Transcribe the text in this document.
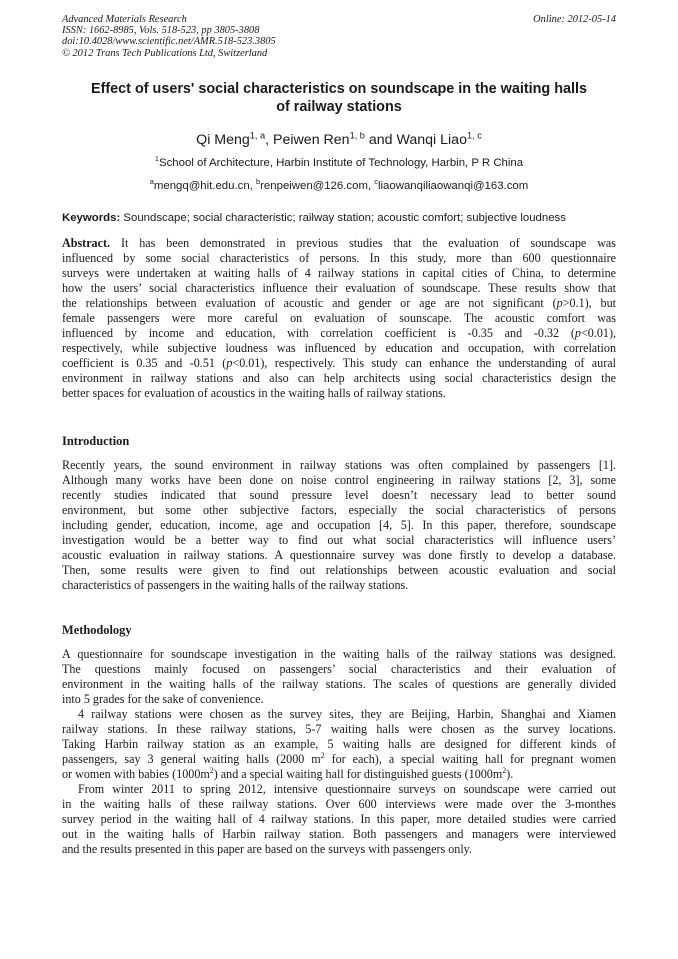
Advanced Materials Research
ISSN: 1662-8985, Vols. 518-523, pp 3805-3808
doi:10.4028/www.scientific.net/AMR.518-523.3805
© 2012 Trans Tech Publications Ltd, Switzerland
Online: 2012-05-14
Effect of users' social characteristics on soundscape in the waiting halls
of railway stations
Qi Meng$^{1, a}$, Peiwen Ren$^{1, b}$ and Wanqi Liao$^{1, c}$
$^1$School of Architecture, Harbin Institute of Technology, Harbin, P R China
$^a$mengq@hit.edu.cn, $^b$renpeiwen@126.com, $^c$liaowanqiliaowanqi@163.com
Keywords: Soundscape; social characteristic; railway station; acoustic comfort; subjective loudness
Abstract. It has been demonstrated in previous studies that the evaluation of soundscape was
influenced by some social characteristics of persons. In this study, more than 600 questionnaire
surveys were undertaken at waiting halls of 4 railway stations in capital cities of China, to determine
how the users’ social characteristics influence their evaluation of soundscape. These results show that
the relationships between evaluation of acoustic and gender or age are not significant (p>0.1), but
female passengers were more careful on evaluation of sounscape. The acoustic comfort was
influenced by income and education, with correlation coefficient is -0.35 and -0.32 (p<0.01),
respectively, while subjective loudness was influenced by education and occupation, with correlation
coefficient is 0.35 and -0.51 (p<0.01), respectively. This study can enhance the understanding of aural
environment in railway stations and also can help architects using social characteristics design the
better spaces for evaluation of acoustics in the waiting halls of railway stations.
Introduction
Recently years, the sound environment in railway stations was often complained by passengers [1].
Although many works have been done on noise control engineering in railway stations [2, 3], some
recently studies indicated that sound pressure level doesn’t necessary lead to better sound
environment, but some other subjective factors, especially the social characteristics of persons
including gender, education, income, age and occupation [4, 5]. In this paper, therefore, soundscape
investigation would be a better way to find out what social characteristics will influence users’
acoustic evaluation in railway stations. A questionnaire survey was done firstly to develop a database.
Then, some results were given to find out relationships between acoustic evaluation and social
characteristics of passengers in the waiting halls of the railway stations.
Methodology
A questionnaire for soundscape investigation in the waiting halls of the railway stations was designed.
The questions mainly focused on passengers’ social characteristics and their evaluation of
environment in the waiting halls of the railway stations. The scales of questions are generally divided
into 5 grades for the sake of convenience.
4 railway stations were chosen as the survey sites, they are Beijing, Harbin, Shanghai and Xiamen
railway stations. In these railway stations, 5-7 waiting halls were chosen as the survey locations.
Taking Harbin railway station as an example, 5 waiting halls are designed for different kinds of
passengers, say 3 general waiting halls (2000 $m^2$ for each), a special waiting hall for pregnant women
or women with babies $(1000m^2)$ and a special waiting hall for distinguished guests $(1000m^2)$.
From winter 2011 to spring 2012, intensive questionnaire surveys on soundscape were carried out
in the waiting halls of these railway stations. Over 600 interviews were made over the 3-monthes
survey period in the waiting hall of 4 railway stations. In this paper, more detailed studies were carried
out in the waiting halls of Harbin railway station. Both passengers and managers were interviewed
and the results presented in this paper are based on the surveys with passengers only.
